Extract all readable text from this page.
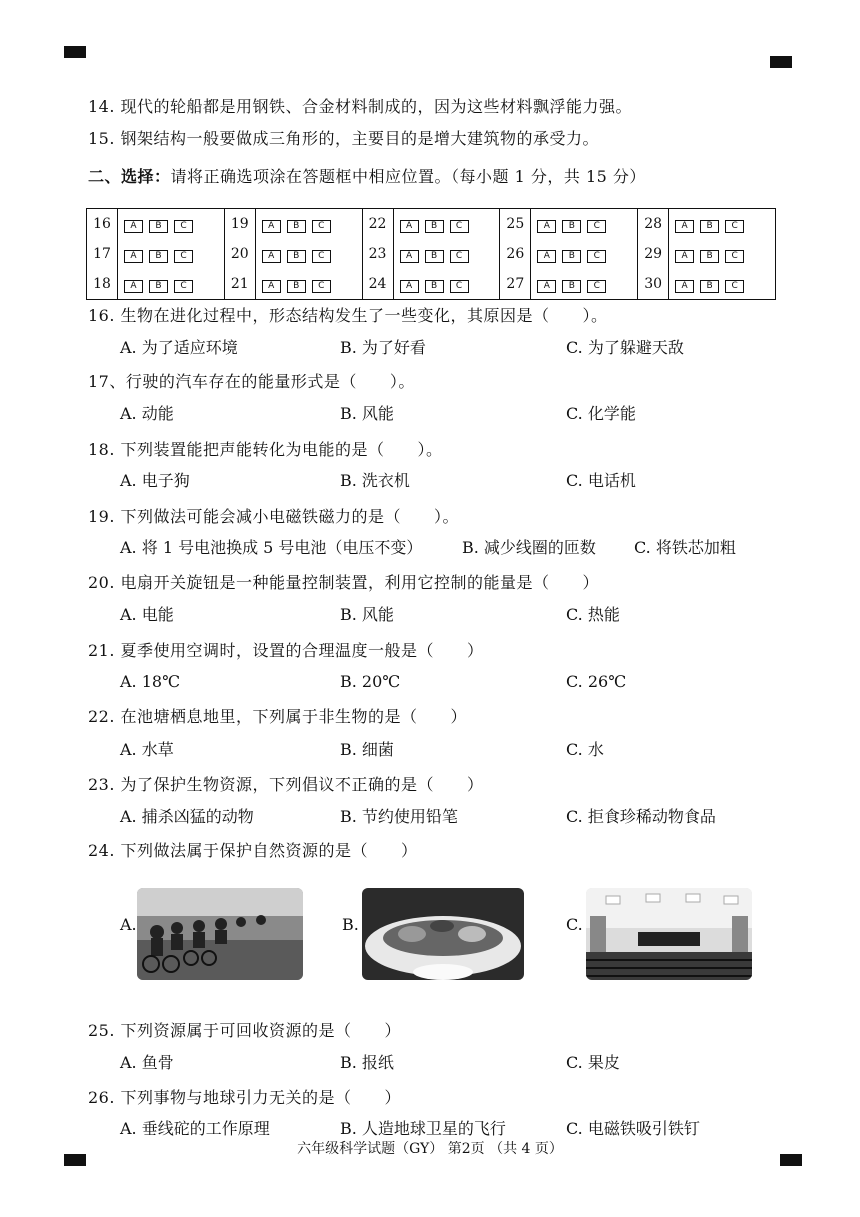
14. 现代的轮船都是用钢铁、合金材料制成的，因为这些材料飘浮能力强。
15. 钢架结构一般要做成三角形的，主要目的是增大建筑物的承受力。
二、选择：请将正确选项涂在答题框中相应位置。（每小题 1 分，共 15 分）
16	A B C	19	A B C	22	A B C	25	A B C	28	A B C
17	A B C	20	A B C	23	A B C	26	A B C	29	A B C
18	A B C	21	A B C	24	A B C	27	A B C	30	A B C
16. 生物在进化过程中，形态结构发生了一些变化，其原因是（　　）。
A. 为了适应环境	B. 为了好看	C. 为了躲避天敌
17、行驶的汽车存在的能量形式是（　　）。
A. 动能	B. 风能	C. 化学能
18. 下列装置能把声能转化为电能的是（　　）。
A. 电子狗	B. 洗衣机	C. 电话机
19. 下列做法可能会减小电磁铁磁力的是（　　）。
A. 将 1 号电池换成 5 号电池（电压不变） B. 减少线圈的匝数 C. 将铁芯加粗
20. 电扇开关旋钮是一种能量控制装置，利用它控制的能量是（　　）
A. 电能	B. 风能	C. 热能
21. 夏季使用空调时，设置的合理温度一般是（　　）
A. 18℃	B. 20℃	C. 26℃
22. 在池塘栖息地里，下列属于非生物的是（　　）
A. 水草	B. 细菌	C. 水
23. 为了保护生物资源，下列倡议不正确的是（　　）
A. 捕杀凶猛的动物	B. 节约使用铅笔	C. 拒食珍稀动物食品
24. 下列做法属于保护自然资源的是（　　）
A.	B.	C.
25. 下列资源属于可回收资源的是（　　）
A. 鱼骨	B. 报纸	C. 果皮
26. 下列事物与地球引力无关的是（　　）
A. 垂线砣的工作原理	B. 人造地球卫星的飞行	C. 电磁铁吸引铁钉
六年级科学试题（GY） 第2页 （共 4 页）
